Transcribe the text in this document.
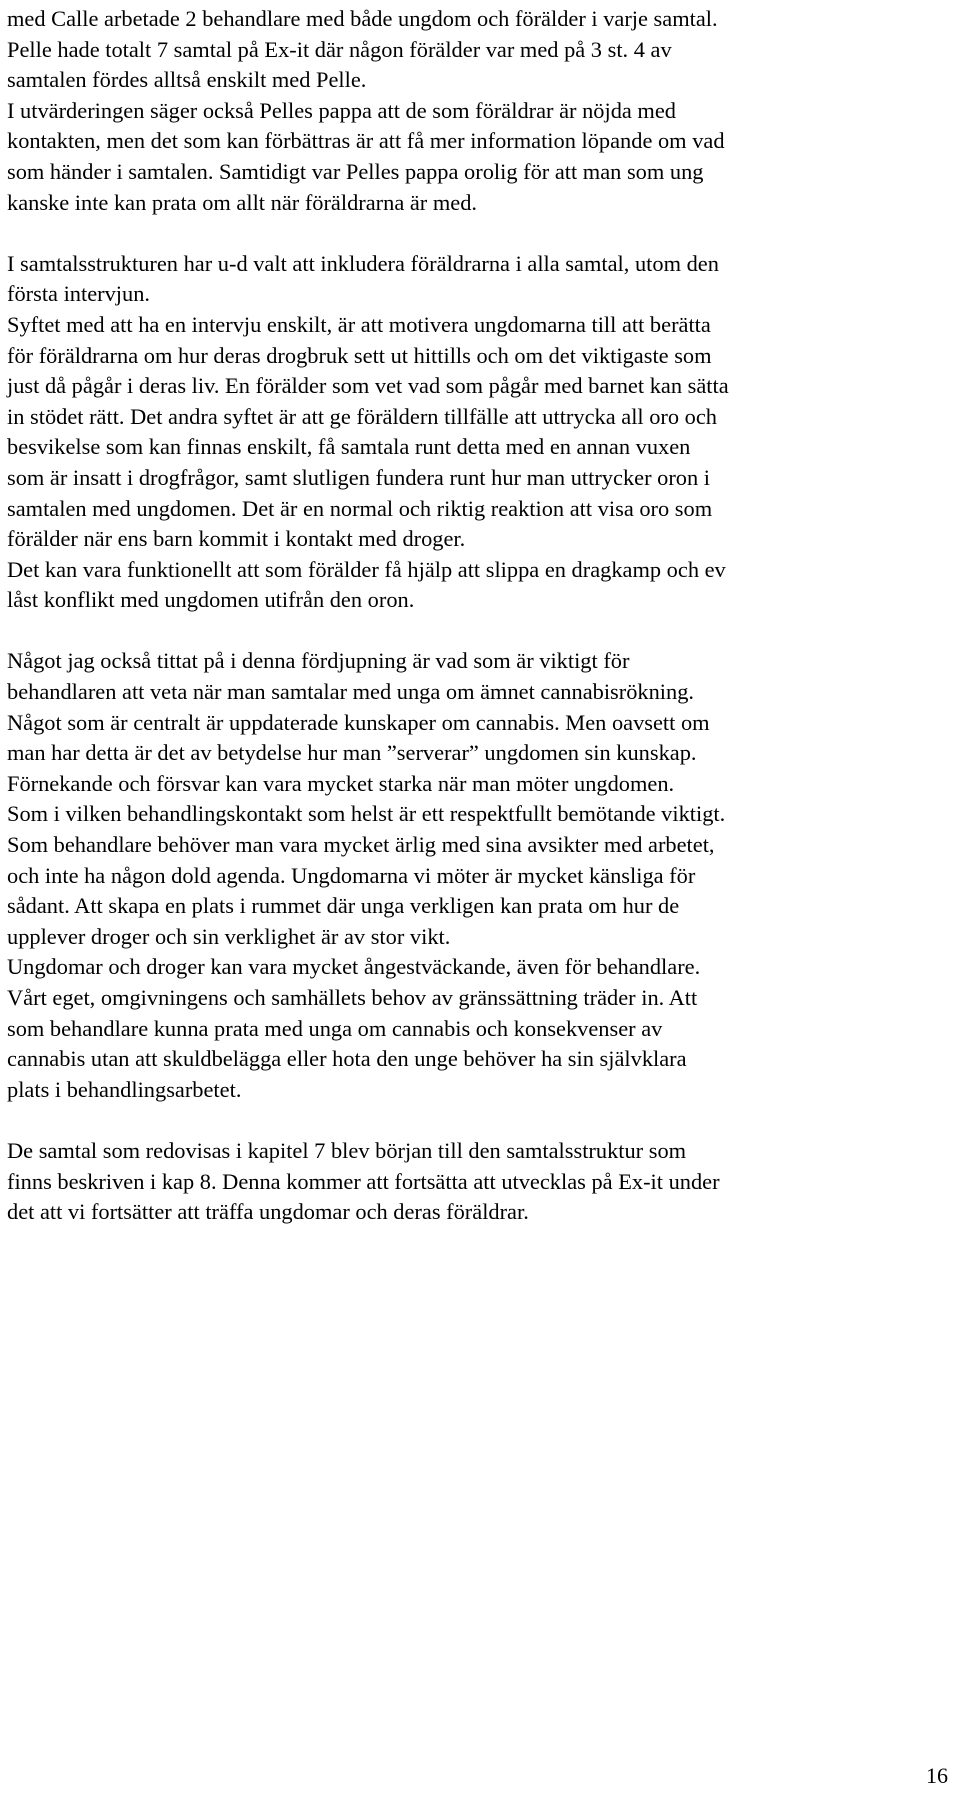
med Calle arbetade 2 behandlare med både ungdom och förälder i varje samtal.

Pelle hade totalt 7 samtal på Ex-it där någon förälder var med på 3 st. 4 av

samtalen fördes alltså enskilt med Pelle.

I utvärderingen säger också Pelles pappa att de som föräldrar är nöjda med

kontakten, men det som kan förbättras är att få mer information löpande om vad

som händer i samtalen. Samtidigt var Pelles pappa orolig för att man som ung

kanske inte kan prata om allt när föräldrarna är med.

I samtalsstrukturen har u-d valt att inkludera föräldrarna i alla samtal, utom den

första intervjun.

Syftet med att ha en intervju enskilt, är att motivera ungdomarna till att berätta

för föräldrarna om hur deras drogbruk sett ut hittills och om det viktigaste som

just då pågår i deras liv. En förälder som vet vad som pågår med barnet kan sätta

in stödet rätt. Det andra syftet är att ge föräldern tillfälle att uttrycka all oro och

besvikelse som kan finnas enskilt, få samtala runt detta med en annan vuxen

som är insatt i drogfrågor, samt slutligen fundera runt hur man uttrycker oron i

samtalen med ungdomen. Det är en normal och riktig reaktion att visa oro som

förälder när ens barn kommit i kontakt med droger.

Det kan vara funktionellt att som förälder få hjälp att slippa en dragkamp och ev

låst konflikt med ungdomen utifrån den oron.

Något jag också tittat på i denna fördjupning är vad som är viktigt för

behandlaren att veta när man samtalar med unga om ämnet cannabisrökning.

Något som är centralt är uppdaterade kunskaper om cannabis. Men oavsett om

man har detta är det av betydelse hur man ”serverar” ungdomen sin kunskap.

Förnekande och försvar kan vara mycket starka när man möter ungdomen.

Som i vilken behandlingskontakt som helst är ett respektfullt bemötande viktigt.

Som behandlare behöver man vara mycket ärlig med sina avsikter med arbetet,

och inte ha någon dold agenda. Ungdomarna vi möter är mycket känsliga för

sådant. Att skapa en plats i rummet där unga verkligen kan prata om hur de

upplever droger och sin verklighet är av stor vikt.

Ungdomar och droger kan vara mycket ångestväckande, även för behandlare.

Vårt eget, omgivningens och samhällets behov av gränssättning träder in. Att

som behandlare kunna prata med unga om cannabis och konsekvenser av

cannabis utan att skuldbelägga eller hota den unge behöver ha sin självklara

plats i behandlingsarbetet.

De samtal som redovisas i kapitel 7 blev början till den samtalsstruktur som

finns beskriven i kap 8. Denna kommer att fortsätta att utvecklas på Ex-it under

det att vi fortsätter att träffa ungdomar och deras föräldrar.

16
